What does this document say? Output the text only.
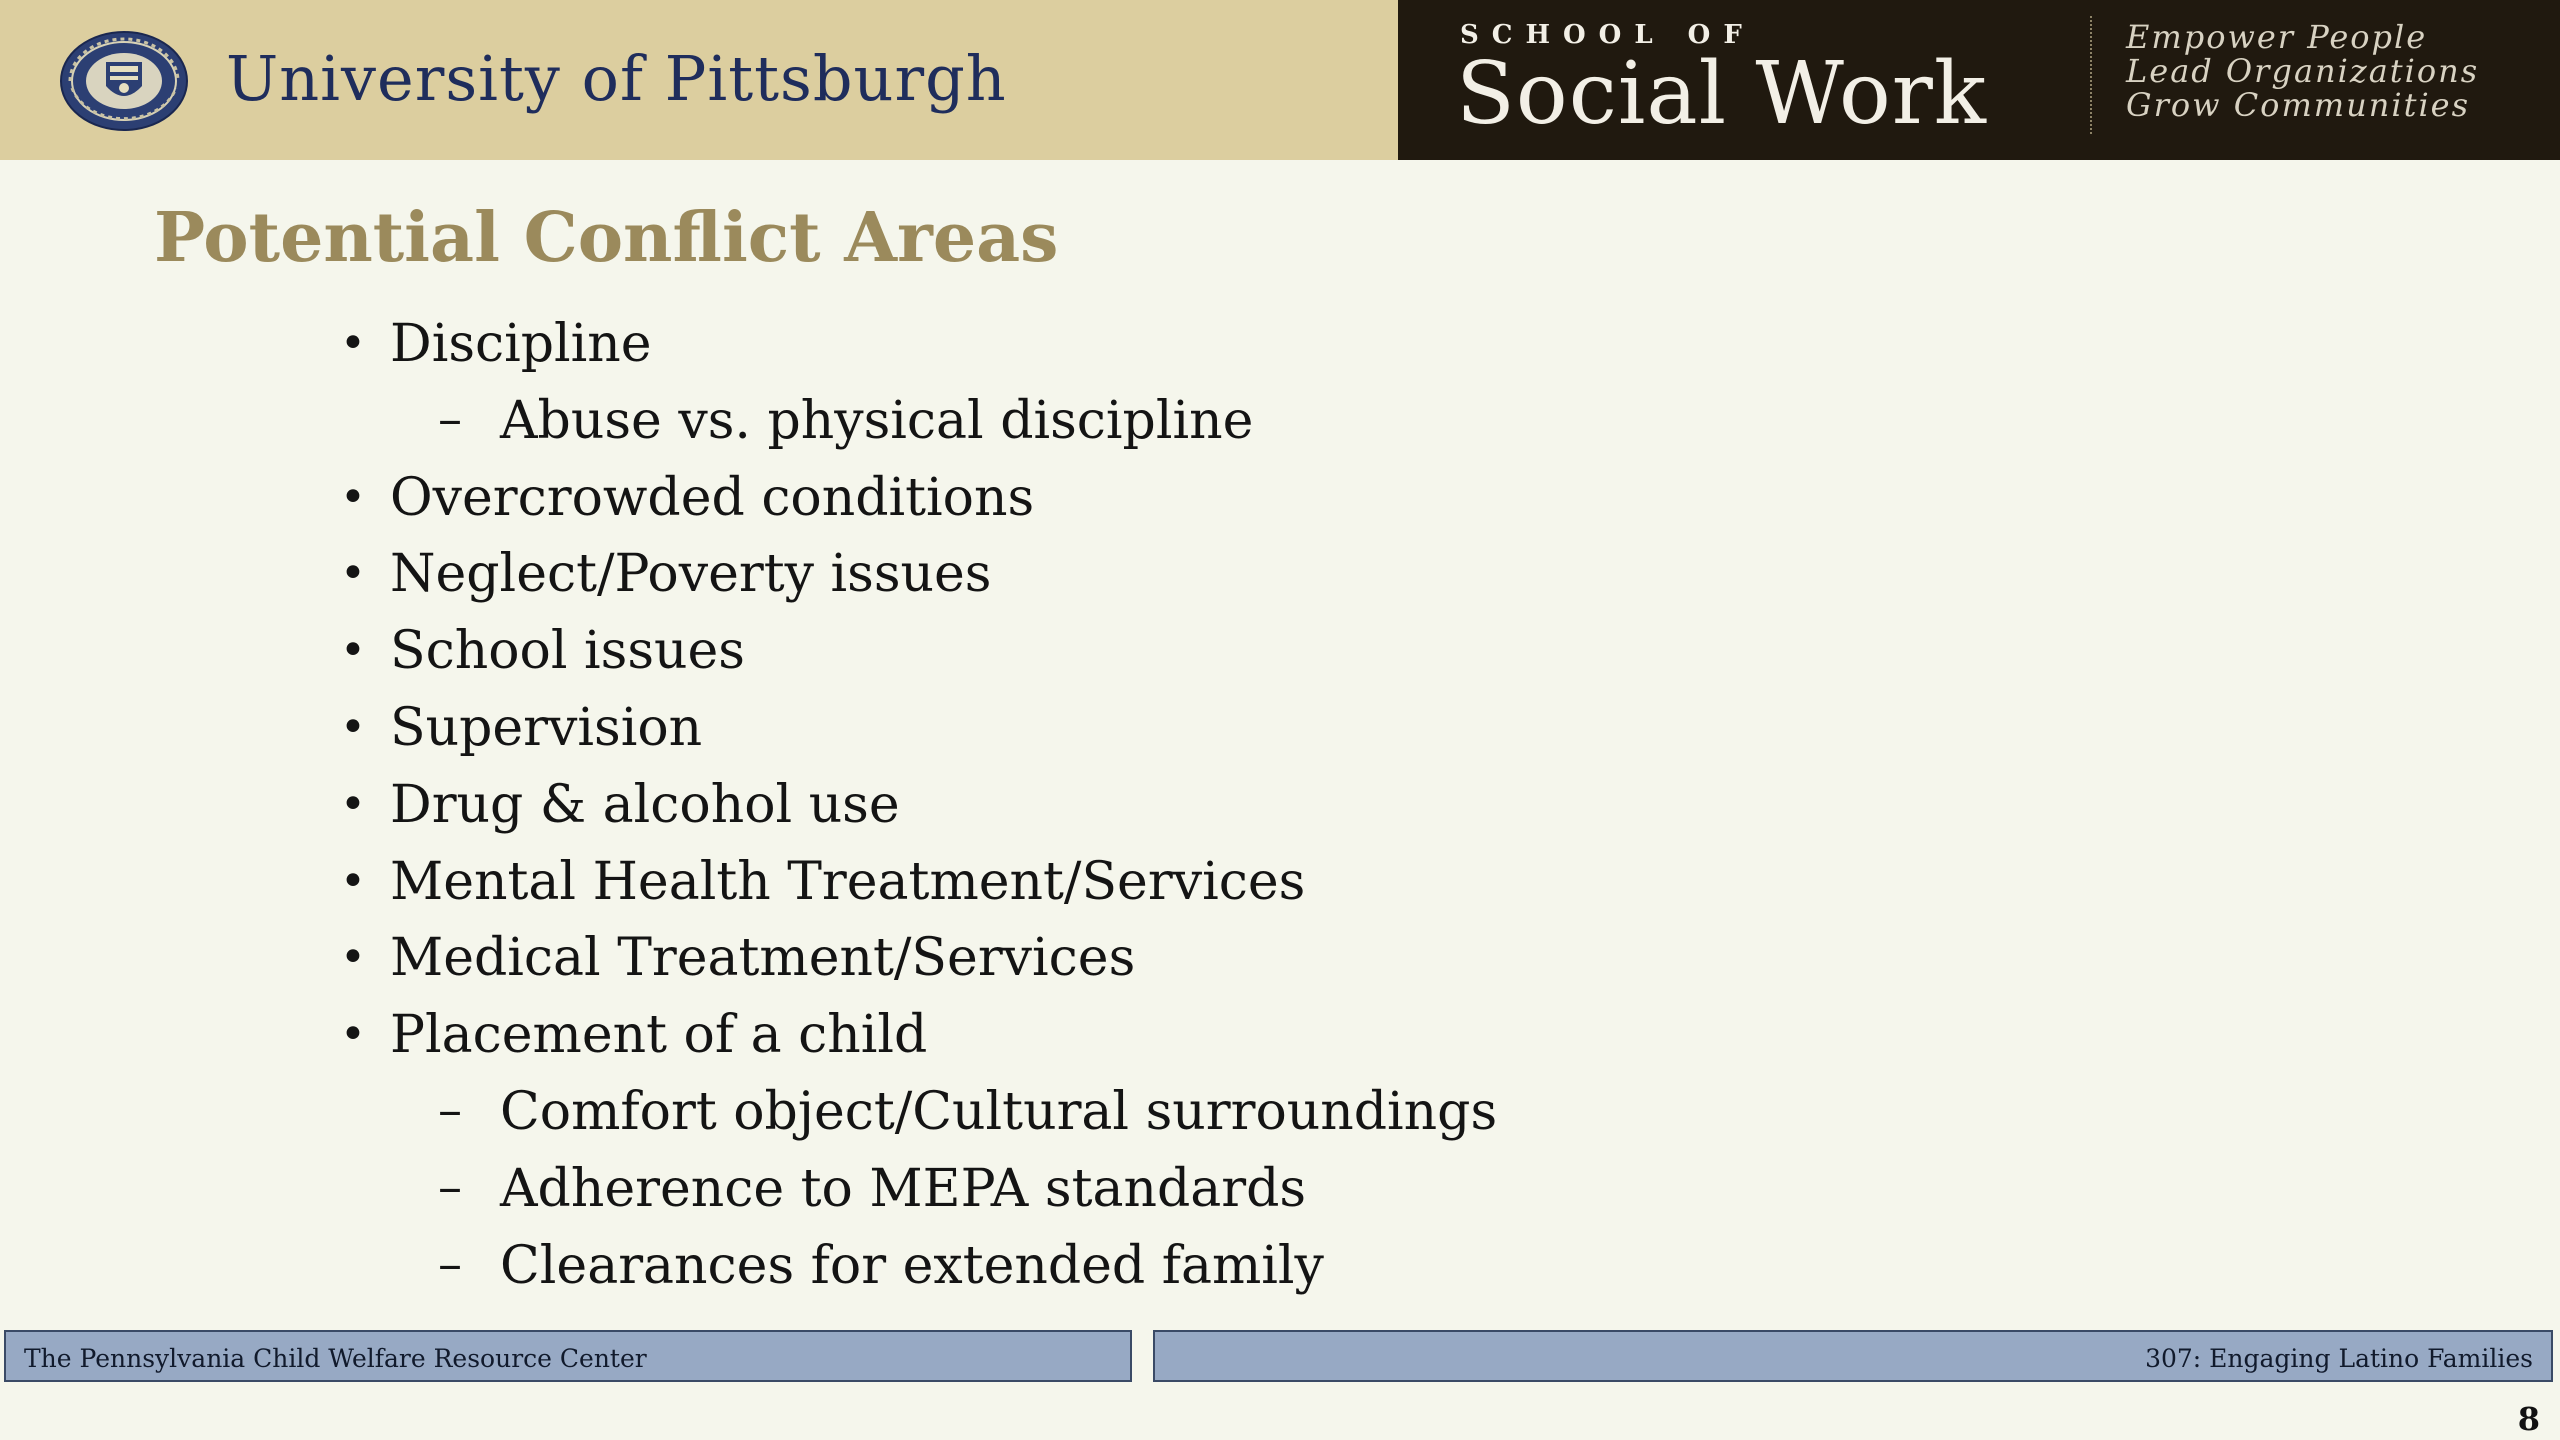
University of Pittsburgh
SCHOOL OF
Social Work
Empower People
Lead Organizations
Grow Communities
Potential Conflict Areas
• Discipline
– Abuse vs. physical discipline
• Overcrowded conditions
• Neglect/Poverty issues
• School issues
• Supervision
• Drug & alcohol use
• Mental Health Treatment/Services
• Medical Treatment/Services
• Placement of a child
– Comfort object/Cultural surroundings
– Adherence to MEPA standards
– Clearances for extended family
The Pennsylvania Child Welfare Resource Center	307: Engaging Latino Families
8
